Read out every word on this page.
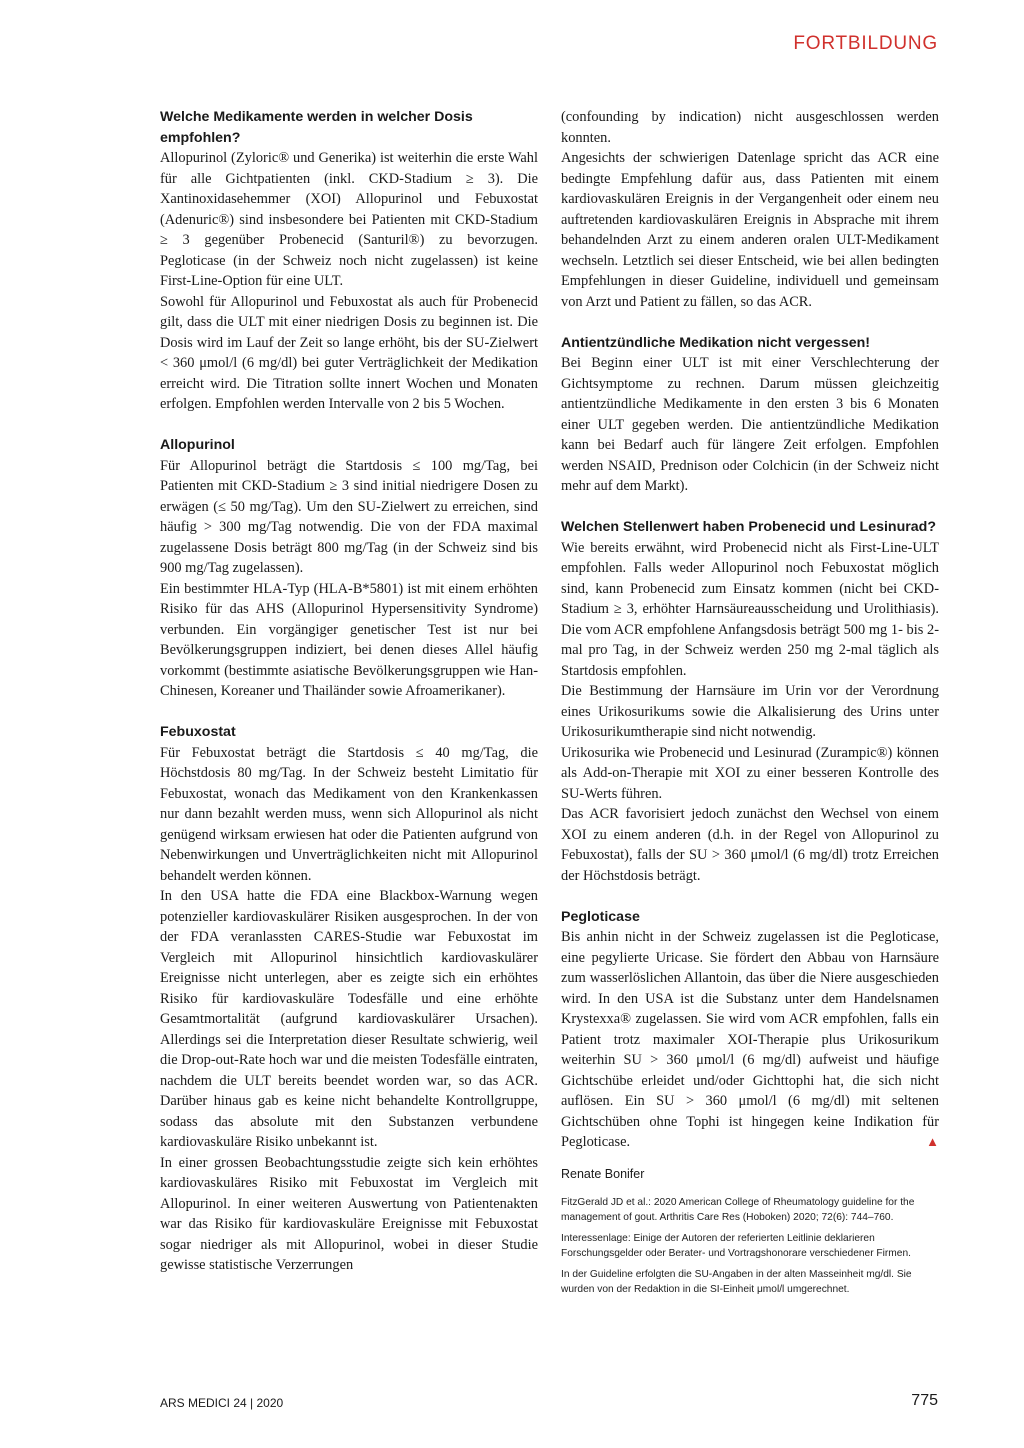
FORTBILDUNG
Welche Medikamente werden in welcher Dosis empfohlen?

Allopurinol (Zyloric® und Generika) ist weiterhin die erste Wahl für alle Gichtpatienten (inkl. CKD-Stadium ≥ 3). Die Xantinoxidasehemmer (XOI) Allopurinol und Febuxostat (Adenuric®) sind insbesondere bei Patienten mit CKD-Stadium ≥ 3 gegenüber Probenecid (Santuril®) zu bevorzugen. Pegloticase (in der Schweiz noch nicht zugelassen) ist keine First-Line-Option für eine ULT.

Sowohl für Allopurinol und Febuxostat als auch für Probenecid gilt, dass die ULT mit einer niedrigen Dosis zu beginnen ist. Die Dosis wird im Lauf der Zeit so lange erhöht, bis der SU-Zielwert < 360 μmol/l (6 mg/dl) bei guter Verträglichkeit der Medikation erreicht wird. Die Titration sollte innert Wochen und Monaten erfolgen. Empfohlen werden Intervalle von 2 bis 5 Wochen.

Allopurinol

Für Allopurinol beträgt die Startdosis ≤ 100 mg/Tag, bei Patienten mit CKD-Stadium ≥ 3 sind initial niedrigere Dosen zu erwägen (≤ 50 mg/Tag). Um den SU-Zielwert zu erreichen, sind häufig > 300 mg/Tag notwendig. Die von der FDA maximal zugelassene Dosis beträgt 800 mg/Tag (in der Schweiz sind bis 900 mg/Tag zugelassen).

Ein bestimmter HLA-Typ (HLA-B*5801) ist mit einem erhöhten Risiko für das AHS (Allopurinol Hypersensitivity Syndrome) verbunden. Ein vorgängiger genetischer Test ist nur bei Bevölkerungsgruppen indiziert, bei denen dieses Allel häufig vorkommt (bestimmte asiatische Bevölkerungsgruppen wie Han-Chinesen, Koreaner und Thailänder sowie Afroamerikaner).

Febuxostat

Für Febuxostat beträgt die Startdosis ≤ 40 mg/Tag, die Höchstdosis 80 mg/Tag. In der Schweiz besteht Limitatio für Febuxostat, wonach das Medikament von den Krankenkassen nur dann bezahlt werden muss, wenn sich Allopurinol als nicht genügend wirksam erwiesen hat oder die Patienten aufgrund von Nebenwirkungen und Unverträglichkeiten nicht mit Allopurinol behandelt werden können.

In den USA hatte die FDA eine Blackbox-Warnung wegen potenzieller kardiovaskulärer Risiken ausgesprochen. In der von der FDA veranlassten CARES-Studie war Febuxostat im Vergleich mit Allopurinol hinsichtlich kardiovaskulärer Ereignisse nicht unterlegen, aber es zeigte sich ein erhöhtes Risiko für kardiovaskuläre Todesfälle und eine erhöhte Gesamtmortalität (aufgrund kardiovaskulärer Ursachen). Allerdings sei die Interpretation dieser Resultate schwierig, weil die Drop-out-Rate hoch war und die meisten Todesfälle eintraten, nachdem die ULT bereits beendet worden war, so das ACR. Darüber hinaus gab es keine nicht behandelte Kontrollgruppe, sodass das absolute mit den Substanzen verbundene kardiovaskuläre Risiko unbekannt ist.

In einer grossen Beobachtungsstudie zeigte sich kein erhöhtes kardiovaskuläres Risiko mit Febuxostat im Vergleich mit Allopurinol. In einer weiteren Auswertung von Patientenakten war das Risiko für kardiovaskuläre Ereignisse mit Febuxostat sogar niedriger als mit Allopurinol, wobei in dieser Studie gewisse statistische Verzerrungen

(confounding by indication) nicht ausgeschlossen werden konnten.

Angesichts der schwierigen Datenlage spricht das ACR eine bedingte Empfehlung dafür aus, dass Patienten mit einem kardiovaskulären Ereignis in der Vergangenheit oder einem neu auftretenden kardiovaskulären Ereignis in Absprache mit ihrem behandelnden Arzt zu einem anderen oralen ULT-Medikament wechseln. Letztlich sei dieser Entscheid, wie bei allen bedingten Empfehlungen in dieser Guideline, individuell und gemeinsam von Arzt und Patient zu fällen, so das ACR.

Antientzündliche Medikation nicht vergessen!

Bei Beginn einer ULT ist mit einer Verschlechterung der Gichtsymptome zu rechnen. Darum müssen gleichzeitig antientzündliche Medikamente in den ersten 3 bis 6 Monaten einer ULT gegeben werden. Die antientzündliche Medikation kann bei Bedarf auch für längere Zeit erfolgen. Empfohlen werden NSAID, Prednison oder Colchicin (in der Schweiz nicht mehr auf dem Markt).

Welchen Stellenwert haben Probenecid und Lesinurad?

Wie bereits erwähnt, wird Probenecid nicht als First-Line-ULT empfohlen. Falls weder Allopurinol noch Febuxostat möglich sind, kann Probenecid zum Einsatz kommen (nicht bei CKD-Stadium ≥ 3, erhöhter Harnsäureausscheidung und Urolithiasis). Die vom ACR empfohlene Anfangsdosis beträgt 500 mg 1- bis 2-mal pro Tag, in der Schweiz werden 250 mg 2-mal täglich als Startdosis empfohlen.

Die Bestimmung der Harnsäure im Urin vor der Verordnung eines Urikosurikums sowie die Alkalisierung des Urins unter Urikosurikumtherapie sind nicht notwendig.

Urikosurika wie Probenecid und Lesinurad (Zurampic®) können als Add-on-Therapie mit XOI zu einer besseren Kontrolle des SU-Werts führen.

Das ACR favorisiert jedoch zunächst den Wechsel von einem XOI zu einem anderen (d.h. in der Regel von Allopurinol zu Febuxostat), falls der SU > 360 μmol/l (6 mg/dl) trotz Erreichen der Höchstdosis beträgt.

Pegloticase

Bis anhin nicht in der Schweiz zugelassen ist die Pegloticase, eine pegylierte Uricase. Sie fördert den Abbau von Harnsäure zum wasserlöslichen Allantoin, das über die Niere ausgeschieden wird. In den USA ist die Substanz unter dem Handelsnamen Krystexxa® zugelassen. Sie wird vom ACR empfohlen, falls ein Patient trotz maximaler XOI-Therapie plus Urikosurikum weiterhin SU > 360 μmol/l (6 mg/dl) aufweist und häufige Gichtschübe erleidet und/oder Gichttophi hat, die sich nicht auflösen. Ein SU > 360 μmol/l (6 mg/dl) mit seltenen Gichtschüben ohne Tophi ist hingegen keine Indikation für Pegloticase.	▲

Renate Bonifer
FitzGerald JD et al.: 2020 American College of Rheumatology guideline for the management of gout. Arthritis Care Res (Hoboken) 2020; 72(6): 744–760.
Interessenlage: Einige der Autoren der referierten Leitlinie deklarieren Forschungsgelder oder Berater- und Vortragshonorare verschiedener Firmen.
In der Guideline erfolgten die SU-Angaben in der alten Masseinheit mg/dl. Sie wurden von der Redaktion in die SI-Einheit μmol/l umgerechnet.
ARS MEDICI 24 | 2020	775
